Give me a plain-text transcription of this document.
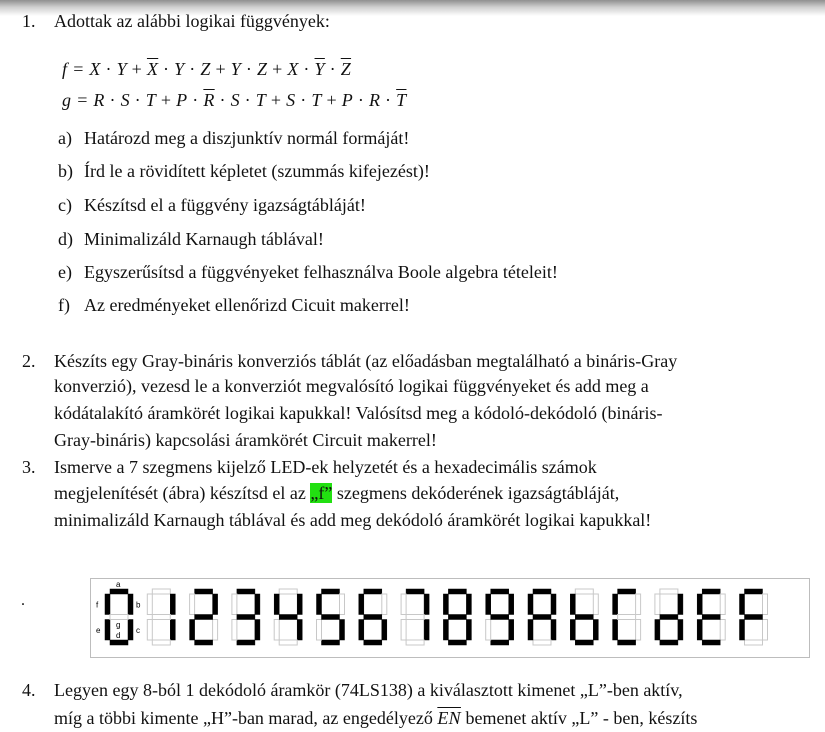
1. Adottak az alábbi logikai függvények:
$f = X \cdot Y + \overline{X} \cdot Y \cdot Z + Y \cdot Z + X \cdot \overline{Y} \cdot \overline{Z}$
$g = R \cdot S \cdot T + P \cdot \overline{R} \cdot S \cdot T + S \cdot T + P \cdot R \cdot \overline{T}$
a) Határozd meg a diszjunktív normál formáját!
b) Írd le a rövidített képletet (szummás kifejezést)!
c) Készítsd el a függvény igazságtábláját!
d) Minimalizáld Karnaugh táblával!
e) Egyszerűsítsd a függvényeket felhasználva Boole algebra tételeit!
f) Az eredményeket ellenőrizd Cicuit makerrel!
2. Készíts egy Gray-bináris konverziós táblát (az előadásban megtalálható a bináris-Gray
konverzió), vezesd le a konverziót megvalósító logikai függvényeket és add meg a
kódátalakító áramkörét logikai kapukkal! Valósítsd meg a kódoló-dekódoló (bináris-
Gray-bináris) kapcsolási áramkörét Circuit makerrel!
3. Ismerve a 7 szegmens kijelző LED-ek helyzetét és a hexadecimális számok
megjelenítését (ábra) készítsd el az „f” szegmens dekóderének igazságtábláját,
minimalizáld Karnaugh táblával és add meg dekódoló áramkörét logikai kapukkal!
.
a
b
c
d
e
f
g
4. Legyen egy 8-ból 1 dekódoló áramkör (74LS138) a kiválasztott kimenet „L”-ben aktív,
míg a többi kimente „H”-ban marad, az engedélyező $\overline{EN}$ bemenet aktív „L” - ben, készíts
